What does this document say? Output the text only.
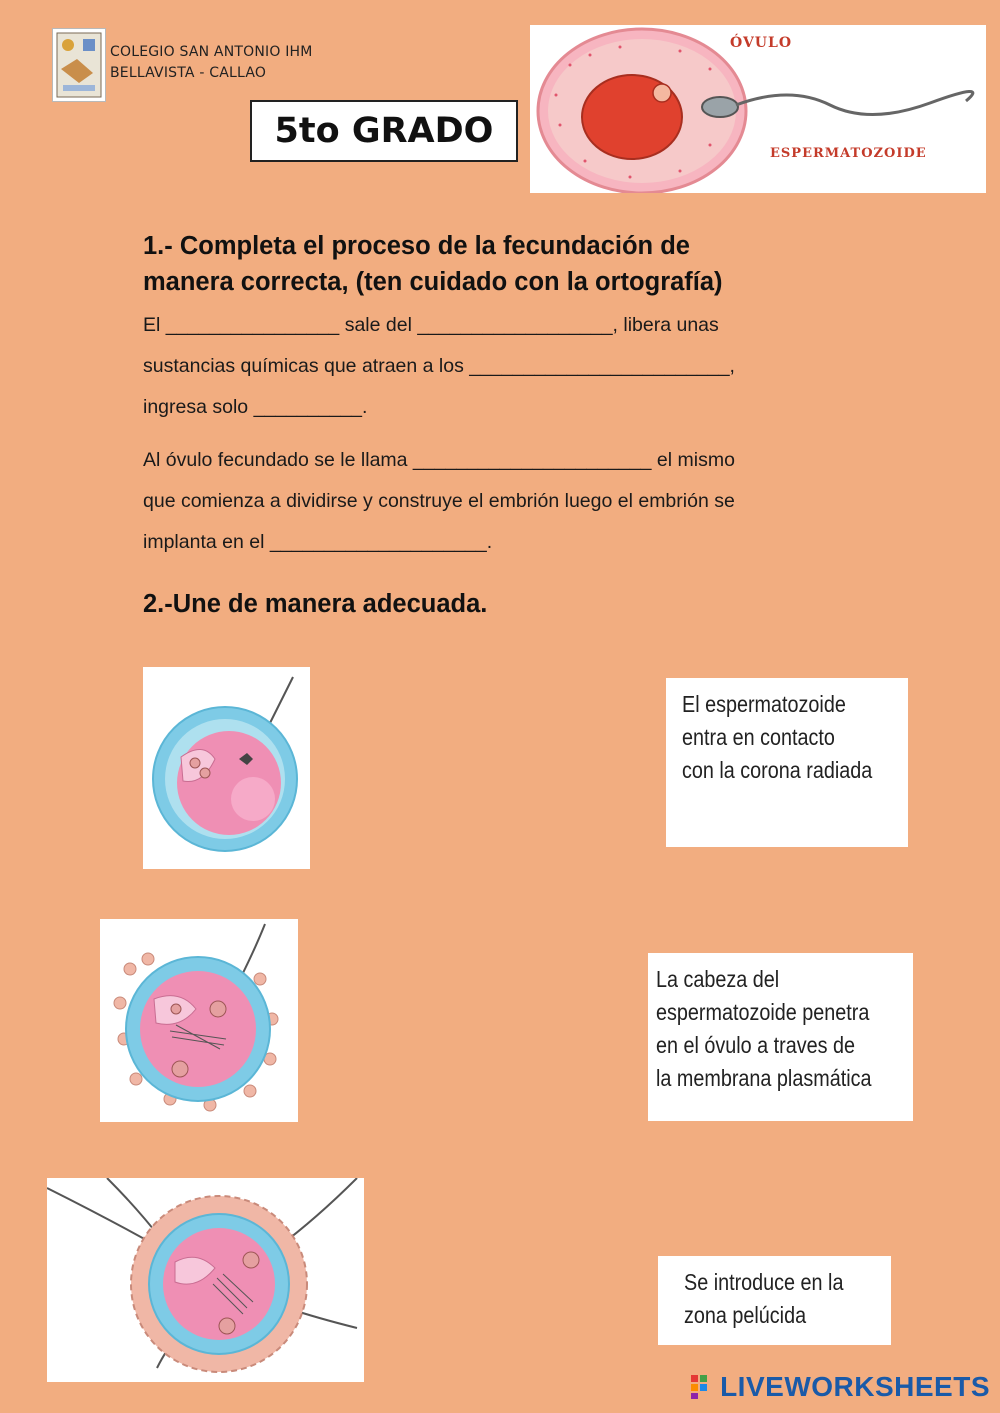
COLEGIO SAN ANTONIO IHM
BELLAVISTA - CALLAO
5to GRADO
ÓVULO
ESPERMATOZOIDE
1.- Completa el proceso de la fecundación de
manera correcta, (ten cuidado con la ortografía)
El ________________ sale del __________________, libera unas
sustancias químicas que atraen a los ________________________,
ingresa solo __________.
Al óvulo fecundado se le llama ______________________ el mismo
que comienza a dividirse y construye el embrión luego el embrión se
implanta en el ____________________.
2.-Une de manera adecuada.
El espermatozoide
entra en contacto
con la corona radiada
La cabeza del
espermatozoide penetra
en el óvulo a traves de
la membrana plasmática
Se introduce en la
zona pelúcida
LIVEWORKSHEETS
